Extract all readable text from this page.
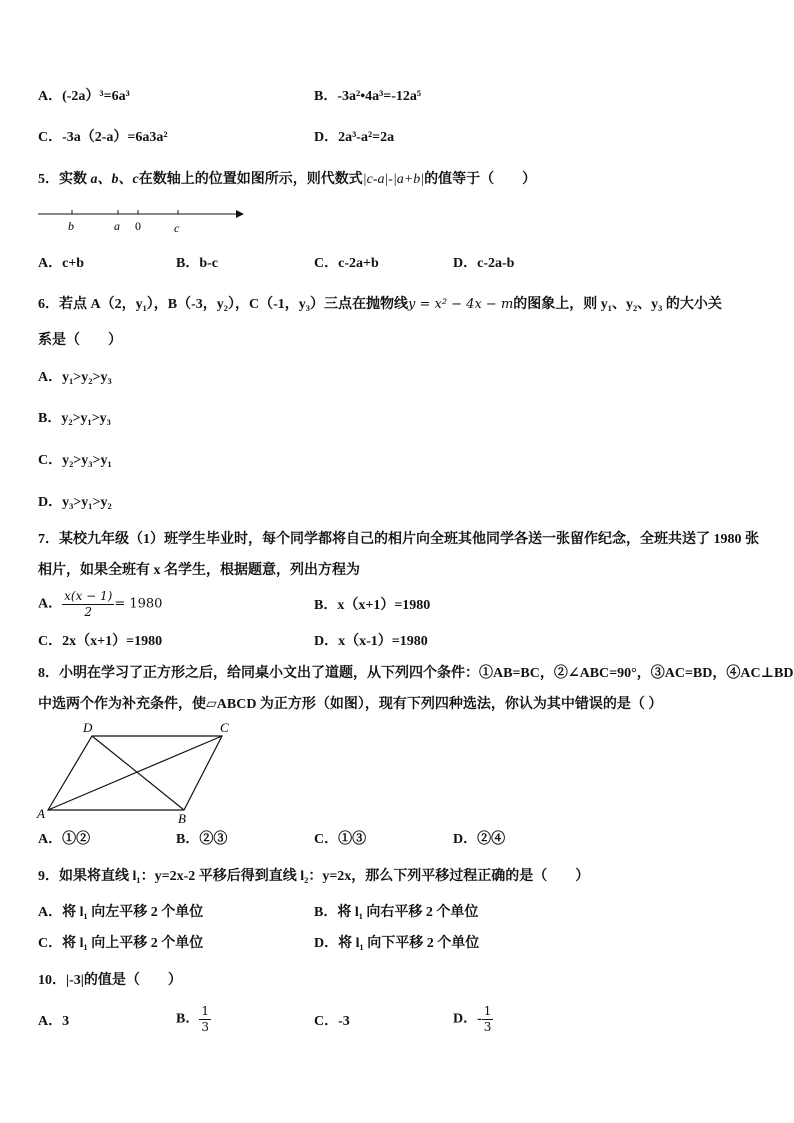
A．(-2a）³=6a³	B．-3a²•4a³=-12a⁵
C．-3a（2-a）=6a3a²	D．2a³-a²=2a
5．实数 a、b、c在数轴上的位置如图所示，则代数式|c-a|-|a+b|的值等于（　　）
b	a 0	c
A．c+b	B．b-c	C．c-2a+b	D．c-2a-b
6．若点 A（2，y₁），B（-3，y₂），C（-1，y₃）三点在抛物线y = x² − 4x − m的图象上，则 y₁、y₂、y₃ 的大小关
系是（　　）
A．y₁>y₂>y₃
B．y₂>y₁>y₃
C．y₂>y₃>y₁
D．y₃>y₁>y₂
7．某校九年级（1）班学生毕业时，每个同学都将自己的相片向全班其他同学各送一张留作纪念，全班共送了 1980 张
相片，如果全班有 x 名学生，根据题意，列出方程为
A． $\frac{x(x - 1)}{2} = 1980$	B．x（x+1）=1980
C．2x（x+1）=1980	D．x（x-1）=1980
8．小明在学习了正方形之后，给同桌小文出了道题，从下列四个条件：①AB=BC，②∠ABC=90°，③AC=BD，④AC⊥BD
中选两个作为补充条件，使▱ABCD 为正方形（如图），现有下列四种选法，你认为其中错误的是（ ）
D	C
A	B
A．①②	B．②③	C．①③	D．②④
9．如果将直线 l₁：y=2x-2 平移后得到直线 l₂：y=2x，那么下列平移过程正确的是（　　）
A．将 l₁ 向左平移 2 个单位	B．将 l₁ 向右平移 2 个单位
C．将 l₁ 向上平移 2 个单位	D．将 l₁ 向下平移 2 个单位
10．|-3|的值是（　　）
A．3	B． $\frac{1}{3}$	C．-3	D．- $\frac{1}{3}$
